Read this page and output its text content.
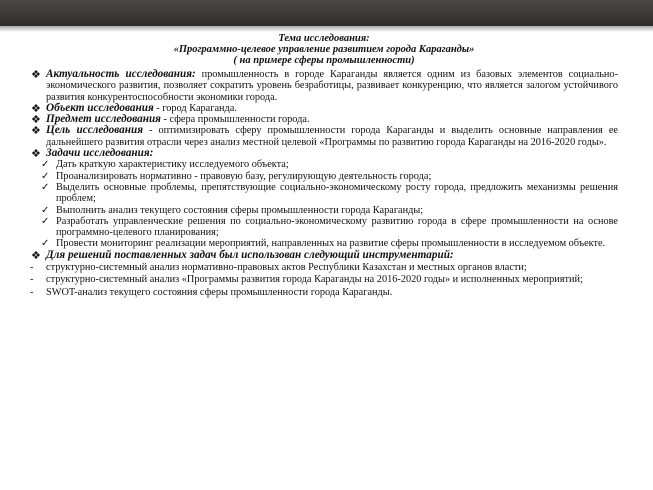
Тема исследования:
«Программно-целевое управление развитием города Караганды»
( на примере сферы промышленности)
❖ Актуальность исследования: промышленность в городе Караганды является одним из базовых элементов социально-экономического развития, позволяет сократить уровень безработицы, развивает конкуренцию, что является залогом устойчивого развития конкурентоспособности экономики города.
❖ Объект исследования - город Караганда.
❖ Предмет исследования - сфера промышленности города.
❖ Цель исследования - оптимизировать сферу промышленности города Караганды и выделить основные направления ее дальнейшего развития отрасли через анализ местной целевой «Программы по развитию города Караганды на 2016-2020 годы».
❖ Задачи исследования:
✓ Дать краткую характеристику исследуемого объекта;
✓ Проанализировать нормативно - правовую базу, регулирующую деятельность города;
✓ Выделить основные проблемы, препятствующие социально-экономическому росту города, предложить механизмы решения проблем;
✓ Выполнить анализ текущего состояния сферы промышленности города Караганды;
✓ Разработать управленческие решения по социально-экономическому развитию города в сфере промышленности на основе программно-целевого планирования;
✓ Провести мониторинг реализации мероприятий, направленных на развитие сферы промышленности в исследуемом объекте.
❖ Для решений поставленных задач был использован следующий инструментарий:
- структурно-системный анализ нормативно-правовых актов Республики Казахстан и местных органов власти;
- структурно-системный анализ «Программы развития города Караганды на 2016-2020 годы» и исполненных мероприятий;
- SWOT-анализ текущего состояния сферы промышленности города Караганды.
